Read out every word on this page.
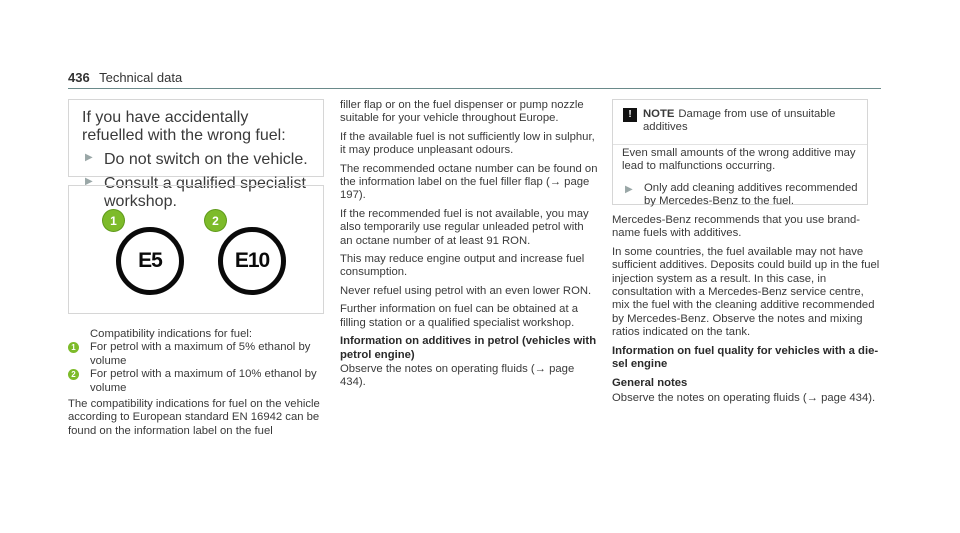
436 Technical data
If you have accidentally refuelled with the wrong fuel:
▶ Do not switch on the vehicle.
▶ Consult a qualified specialist workshop.
E5	E10
1	2
Compatibility indications for fuel:
1 For petrol with a maximum of 5% ethanol by volume
2 For petrol with a maximum of 10% ethanol by volume
The compatibility indications for fuel on the vehicle according to European standard EN 16942 can be found on the information label on the fuel

filler flap or on the fuel dispenser or pump nozzle suitable for your vehicle throughout Europe.

If the available fuel is not sufficiently low in sulphur, it may produce unpleasant odours.

The recommended octane number can be found on the information label on the fuel filler flap (→ page 197).

If the recommended fuel is not available, you may also temporarily use regular unleaded petrol with an octane number of at least 91 RON.

This may reduce engine output and increase fuel consumption.

Never refuel using petrol with an even lower RON.

Further information on fuel can be obtained at a filling station or a qualified specialist workshop.

Information on additives in petrol (vehicles with petrol engine)

Observe the notes on operating fluids (→ page 434).

!	NOTE Damage from use of unsuitable additives
Even small amounts of the wrong additive may lead to malfunctions occurring.
▶ Only add cleaning additives recommended by Mercedes-Benz to the fuel.

Mercedes-Benz recommends that you use brand-name fuels with additives.

In some countries, the fuel available may not have sufficient additives. Deposits could build up in the fuel injection system as a result. In this case, in consultation with a Mercedes-Benz service centre, mix the fuel with the cleaning additive recommended by Mercedes-Benz. Observe the notes and mixing ratios indicated on the tank.

Information on fuel quality for vehicles with a diesel engine
General notes

Observe the notes on operating fluids (→ page 434).
